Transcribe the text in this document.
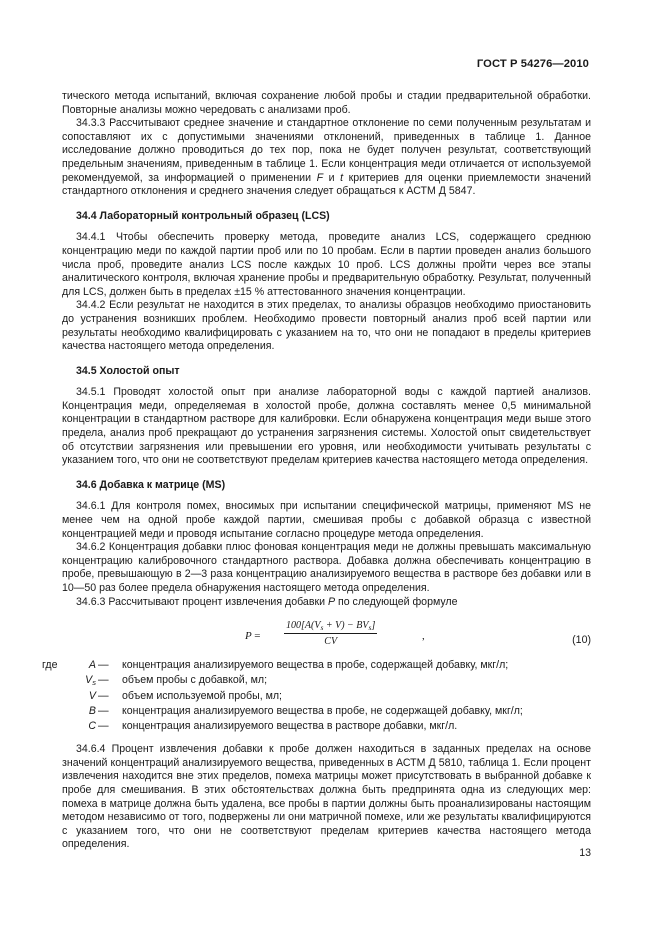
ГОСТ Р 54276—2010

тического метода испытаний, включая сохранение любой пробы и стадии предварительной обработки. Повторные анализы можно чередовать с анализами проб.

34.3.3 Рассчитывают среднее значение и стандартное отклонение по семи полученным результатам и сопоставляют их с допустимыми значениями отклонений, приведенных в таблице 1. Данное исследование должно проводиться до тех пор, пока не будет получен результат, соответствующий предельным значениям, приведенным в таблице 1. Если концентрация меди отличается от используемой рекомендуемой, за информацией о применении F и t критериев для оценки приемлемости значений стандартного отклонения и среднего значения следует обращаться к АСТМ Д 5847.

34.4 Лабораторный контрольный образец (LCS)

34.4.1 Чтобы обеспечить проверку метода, проведите анализ LCS, содержащего среднюю концентрацию меди по каждой партии проб или по 10 пробам. Если в партии проведен анализ большого числа проб, проведите анализ LCS после каждых 10 проб. LCS должны пройти через все этапы аналитического контроля, включая хранение пробы и предварительную обработку. Результат, полученный для LCS, должен быть в пределах ±15 % аттестованного значения концентрации.

34.4.2 Если результат не находится в этих пределах, то анализы образцов необходимо приостановить до устранения возникших проблем. Необходимо провести повторный анализ проб всей партии или результаты необходимо квалифицировать с указанием на то, что они не попадают в пределы критериев качества настоящего метода определения.

34.5 Холостой опыт

34.5.1 Проводят холостой опыт при анализе лабораторной воды с каждой партией анализов. Концентрация меди, определяемая в холостой пробе, должна составлять менее 0,5 минимальной концентрации в стандартном растворе для калибровки. Если обнаружена концентрация меди выше этого предела, анализ проб прекращают до устранения загрязнения системы. Холостой опыт свидетельствует об отсутствии загрязнения или превышении его уровня, или необходимости учитывать результаты с указанием того, что они не соответствуют пределам критериев качества настоящего метода определения.

34.6 Добавка к матрице (MS)

34.6.1 Для контроля помех, вносимых при испытании специфической матрицы, применяют MS не менее чем на одной пробе каждой партии, смешивая пробы с добавкой образца с известной концентрацией меди и проводя испытание согласно процедуре метода определения.

34.6.2 Концентрация добавки плюс фоновая концентрация меди не должны превышать максимальную концентрацию калибровочного стандартного раствора. Добавка должна обеспечивать концентрацию в пробе, превышающую в 2—3 раза концентрацию анализируемого вещества в растворе без добавки или в 10—50 раз более предела обнаружения настоящего метода определения.

34.6.3 Рассчитывают процент извлечения добавки P по следующей формуле

P =
$100[A(V_s + V) - BV_s]$
CV	,	(10)
где	A — концентрация анализируемого вещества в пробе, содержащей добавку, мкг/л;
$V_s$ — объем пробы с добавкой, мл;
V — объем используемой пробы, мл;
B — концентрация анализируемого вещества в пробе, не содержащей добавку, мкг/л;
C — концентрация анализируемого вещества в растворе добавки, мкг/л.

34.6.4 Процент извлечения добавки к пробе должен находиться в заданных пределах на основе значений концентраций анализируемого вещества, приведенных в АСТМ Д 5810, таблица 1. Если процент извлечения находится вне этих пределов, помеха матрицы может присутствовать в выбранной добавке к пробе для смешивания. В этих обстоятельствах должна быть предпринята одна из следующих мер: помеха в матрице должна быть удалена, все пробы в партии должны быть проанализированы настоящим методом независимо от того, подвержены ли они матричной помехе, или же результаты квалифицируются с указанием того, что они не соответствуют пределам критериев качества настоящего метода определения.

13
